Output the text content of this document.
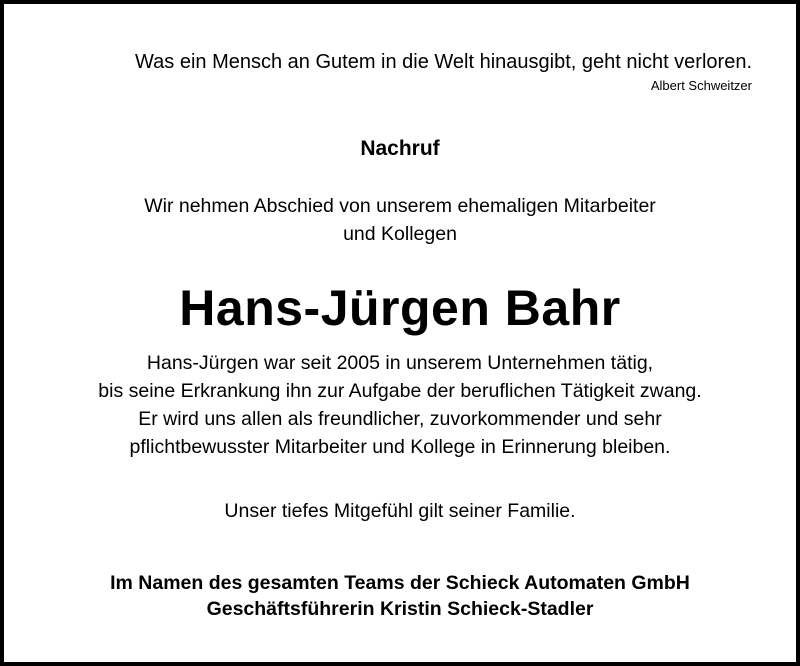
Was ein Mensch an Gutem in die Welt hinausgibt, geht nicht verloren.
Albert Schweitzer
Nachruf
Wir nehmen Abschied von unserem ehemaligen Mitarbeiter
und Kollegen
Hans-Jürgen Bahr
Hans-Jürgen war seit 2005 in unserem Unternehmen tätig,
bis seine Erkrankung ihn zur Aufgabe der beruflichen Tätigkeit zwang.
Er wird uns allen als freundlicher, zuvorkommender und sehr
pflichtbewusster Mitarbeiter und Kollege in Erinnerung bleiben.
Unser tiefes Mitgefühl gilt seiner Familie.
Im Namen des gesamten Teams der Schieck Automaten GmbH
Geschäftsführerin Kristin Schieck-Stadler
